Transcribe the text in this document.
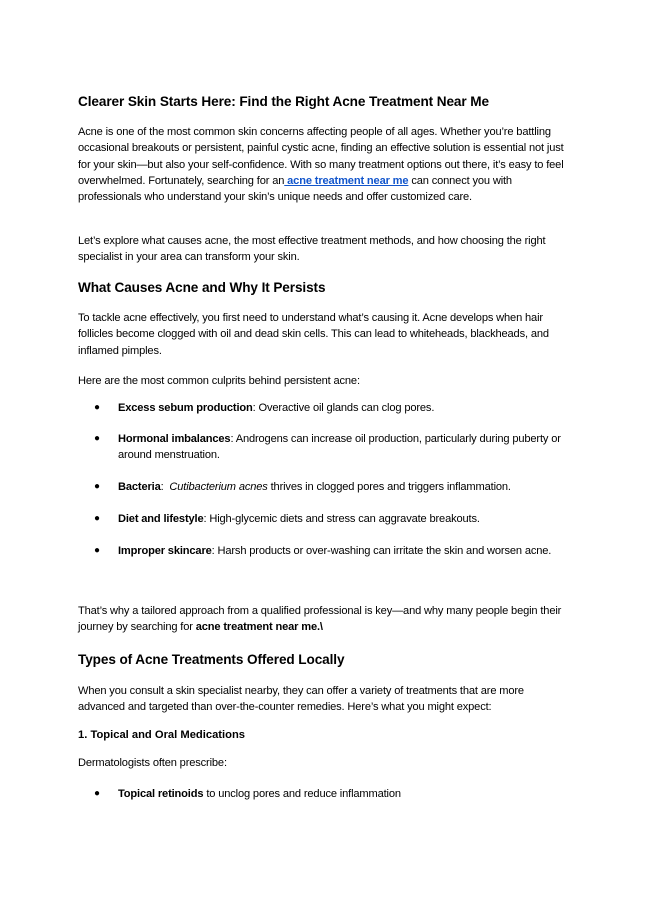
Clearer Skin Starts Here: Find the Right Acne Treatment Near Me
Acne is one of the most common skin concerns affecting people of all ages. Whether you’re battling occasional breakouts or persistent, painful cystic acne, finding an effective solution is essential not just for your skin—but also your self-confidence. With so many treatment options out there, it’s easy to feel overwhelmed. Fortunately, searching for an acne treatment near me can connect you with professionals who understand your skin’s unique needs and offer customized care.
Let’s explore what causes acne, the most effective treatment methods, and how choosing the right specialist in your area can transform your skin.
What Causes Acne and Why It Persists
To tackle acne effectively, you first need to understand what’s causing it. Acne develops when hair follicles become clogged with oil and dead skin cells. This can lead to whiteheads, blackheads, and inflamed pimples.
Here are the most common culprits behind persistent acne:
● Excess sebum production: Overactive oil glands can clog pores.
● Hormonal imbalances: Androgens can increase oil production, particularly during puberty or around menstruation.
● Bacteria: Cutibacterium acnes thrives in clogged pores and triggers inflammation.
● Diet and lifestyle: High-glycemic diets and stress can aggravate breakouts.
● Improper skincare: Harsh products or over-washing can irritate the skin and worsen acne.
That’s why a tailored approach from a qualified professional is key—and why many people begin their journey by searching for acne treatment near me.\
Types of Acne Treatments Offered Locally
When you consult a skin specialist nearby, they can offer a variety of treatments that are more advanced and targeted than over-the-counter remedies. Here’s what you might expect:
1. Topical and Oral Medications
Dermatologists often prescribe:
● Topical retinoids to unclog pores and reduce inflammation
